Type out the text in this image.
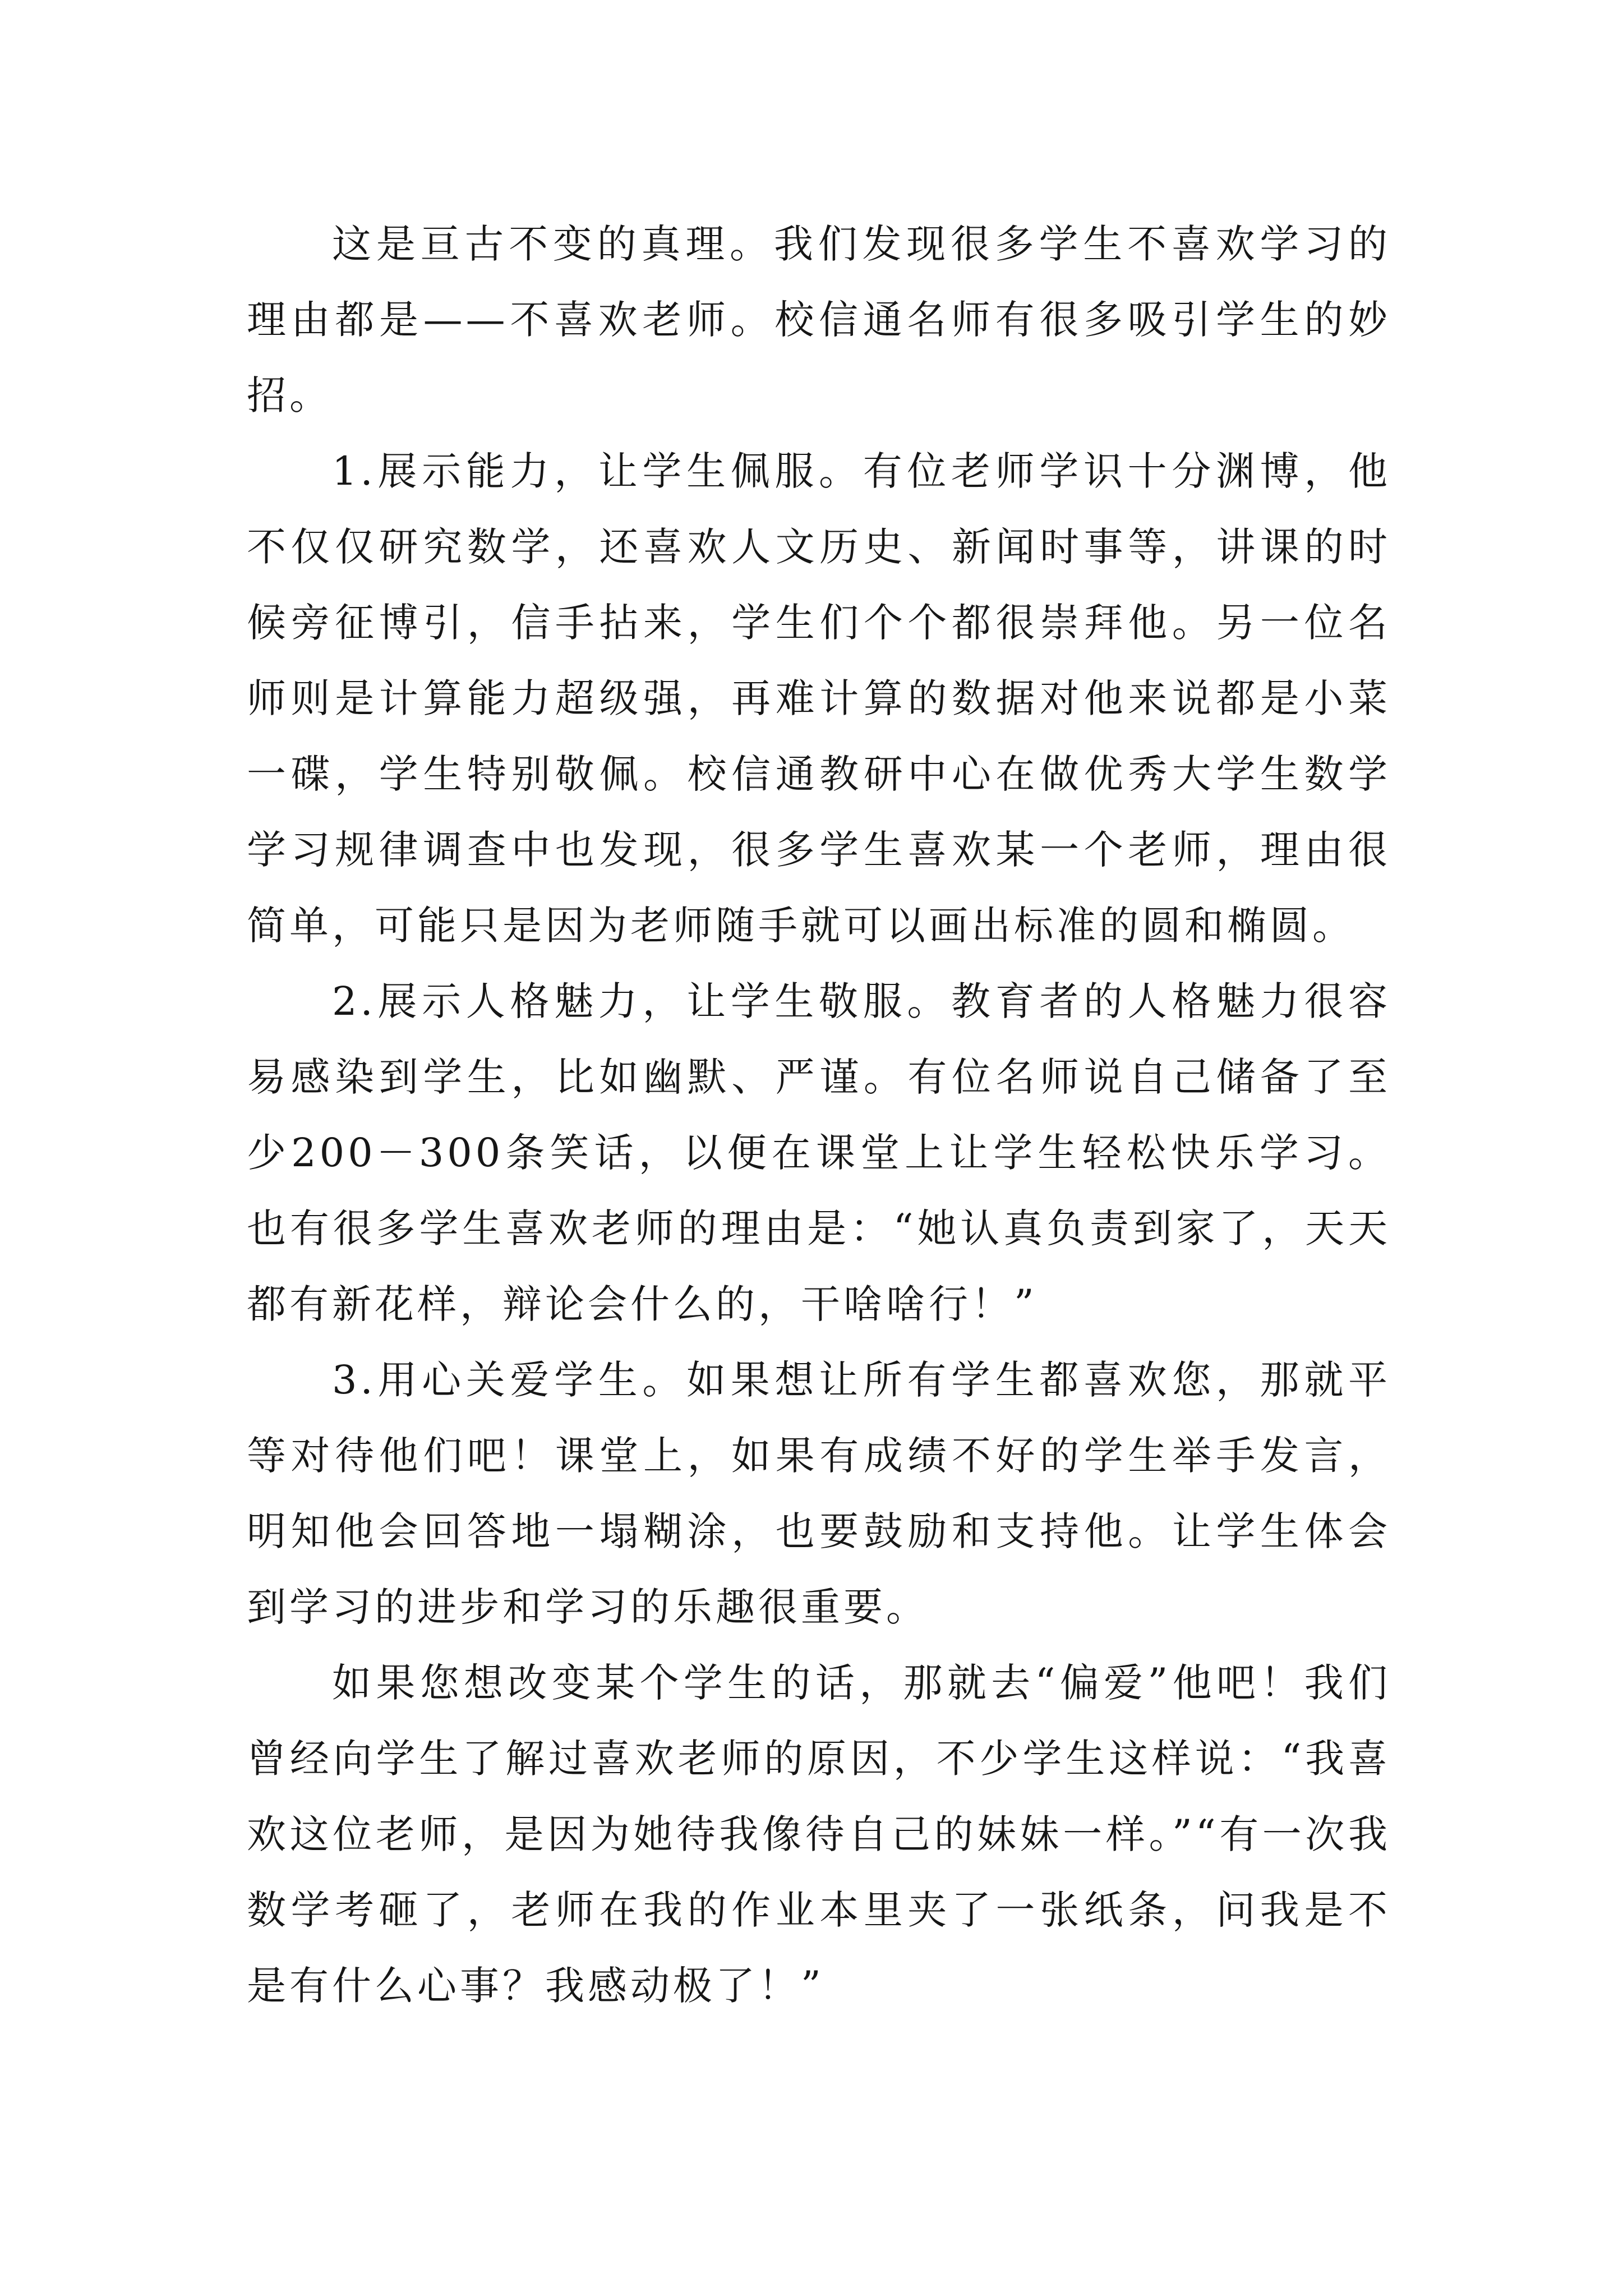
这是亘古不变的真理。我们发现很多学生不喜欢学习的理由都是——不喜欢老师。校信通名师有很多吸引学生的妙招。

1.展示能力，让学生佩服。有位老师学识十分渊博，他不仅仅研究数学，还喜欢人文历史、新闻时事等，讲课的时候旁征博引，信手拈来，学生们个个都很崇拜他。另一位名师则是计算能力超级强，再难计算的数据对他来说都是小菜一碟，学生特别敬佩。校信通教研中心在做优秀大学生数学学习规律调查中也发现，很多学生喜欢某一个老师，理由很简单，可能只是因为老师随手就可以画出标准的圆和椭圆。

2.展示人格魅力，让学生敬服。教育者的人格魅力很容易感染到学生，比如幽默、严谨。有位名师说自己储备了至少200－300条笑话，以便在课堂上让学生轻松快乐学习。也有很多学生喜欢老师的理由是：“她认真负责到家了，天天都有新花样，辩论会什么的，干啥啥行！”

3.用心关爱学生。如果想让所有学生都喜欢您，那就平等对待他们吧！课堂上，如果有成绩不好的学生举手发言，明知他会回答地一塌糊涂，也要鼓励和支持他。让学生体会到学习的进步和学习的乐趣很重要。

如果您想改变某个学生的话，那就去“偏爱”他吧！我们曾经向学生了解过喜欢老师的原因，不少学生这样说：“我喜欢这位老师，是因为她待我像待自己的妹妹一样。”“有一次我数学考砸了，老师在我的作业本里夹了一张纸条，问我是不是有什么心事？我感动极了！”
